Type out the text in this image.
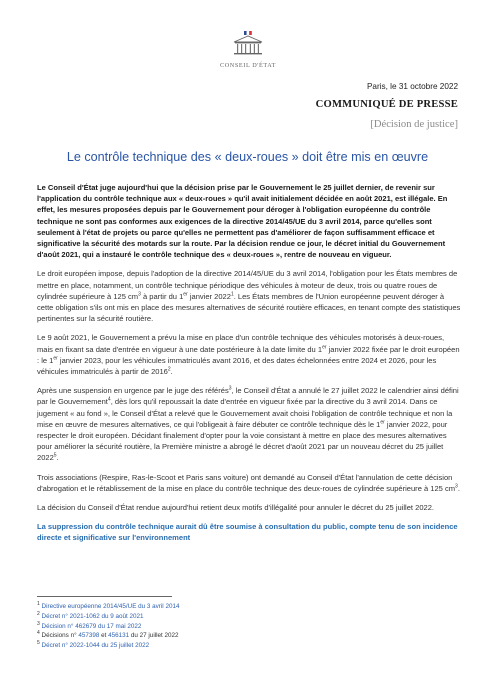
CONSEIL D'ÉTAT
Paris, le 31 octobre 2022
COMMUNIQUÉ DE PRESSE
[Décision de justice]
Le contrôle technique des « deux-roues » doit être mis en œuvre

Le Conseil d'État juge aujourd'hui que la décision prise par le Gouvernement le 25 juillet dernier, de revenir sur l'application du contrôle technique aux « deux-roues » qu'il avait initialement décidée en août 2021, est illégale. En effet, les mesures proposées depuis par le Gouvernement pour déroger à l'obligation européenne du contrôle technique ne sont pas conformes aux exigences de la directive 2014/45/UE du 3 avril 2014, parce qu'elles sont seulement à l'état de projets ou parce qu'elles ne permettent pas d'améliorer de façon suffisamment efficace et significative la sécurité des motards sur la route. Par la décision rendue ce jour, le décret initial du Gouvernement d'août 2021, qui a instauré le contrôle technique des « deux-roues », rentre de nouveau en vigueur.

Le droit européen impose, depuis l'adoption de la directive 2014/45/UE du 3 avril 2014, l'obligation pour les États membres de mettre en place, notamment, un contrôle technique périodique des véhicules à moteur de deux, trois ou quatre roues de cylindrée supérieure à 125 $cm^3$ à partir du 1er janvier 2022$^1$. Les États membres de l'Union européenne peuvent déroger à cette obligation s'ils ont mis en place des mesures alternatives de sécurité routière efficaces, en tenant compte des statistiques pertinentes sur la sécurité routière.

Le 9 août 2021, le Gouvernement a prévu la mise en place d'un contrôle technique des véhicules motorisés à deux-roues, mais en fixant sa date d'entrée en vigueur à une date postérieure à la date limite du 1er janvier 2022 fixée par le droit européen : le 1er janvier 2023, pour les véhicules immatriculés avant 2016, et des dates échelonnées entre 2024 et 2026, pour les véhicules immatriculés à partir de 2016$^2$.

Après une suspension en urgence par le juge des référés$^3$, le Conseil d'État a annulé le 27 juillet 2022 le calendrier ainsi défini par le Gouvernement$^4$, dès lors qu'il repoussait la date d'entrée en vigueur fixée par la directive du 3 avril 2014. Dans ce jugement « au fond », le Conseil d'État a relevé que le Gouvernement avait choisi l'obligation de contrôle technique et non la mise en œuvre de mesures alternatives, ce qui l'obligeait à faire débuter ce contrôle technique dès le 1er janvier 2022, pour respecter le droit européen. Décidant finalement d'opter pour la voie consistant à mettre en place des mesures alternatives pour améliorer la sécurité routière, la Première ministre a abrogé le décret d'août 2021 par un nouveau décret du 25 juillet 2022$^5$.

Trois associations (Respire, Ras-le-Scoot et Paris sans voiture) ont demandé au Conseil d'État l'annulation de cette décision d'abrogation et le rétablissement de la mise en place du contrôle technique des deux-roues de cylindrée supérieure à 125 $cm^3$.

La décision du Conseil d'État rendue aujourd'hui retient deux motifs d'illégalité pour annuler le décret du 25 juillet 2022.

La suppression du contrôle technique aurait dû être soumise à consultation du public, compte tenu de son incidence directe et significative sur l'environnement

$^1$ Directive européenne 2014/45/UE du 3 avril 2014
$^2$ Décret n° 2021-1062 du 9 août 2021
$^3$ Décision n° 462679 du 17 mai 2022
$^4$ Décisions n° 457398 et 456131 du 27 juillet 2022
$^5$ Décret n° 2022-1044 du 25 juillet 2022
